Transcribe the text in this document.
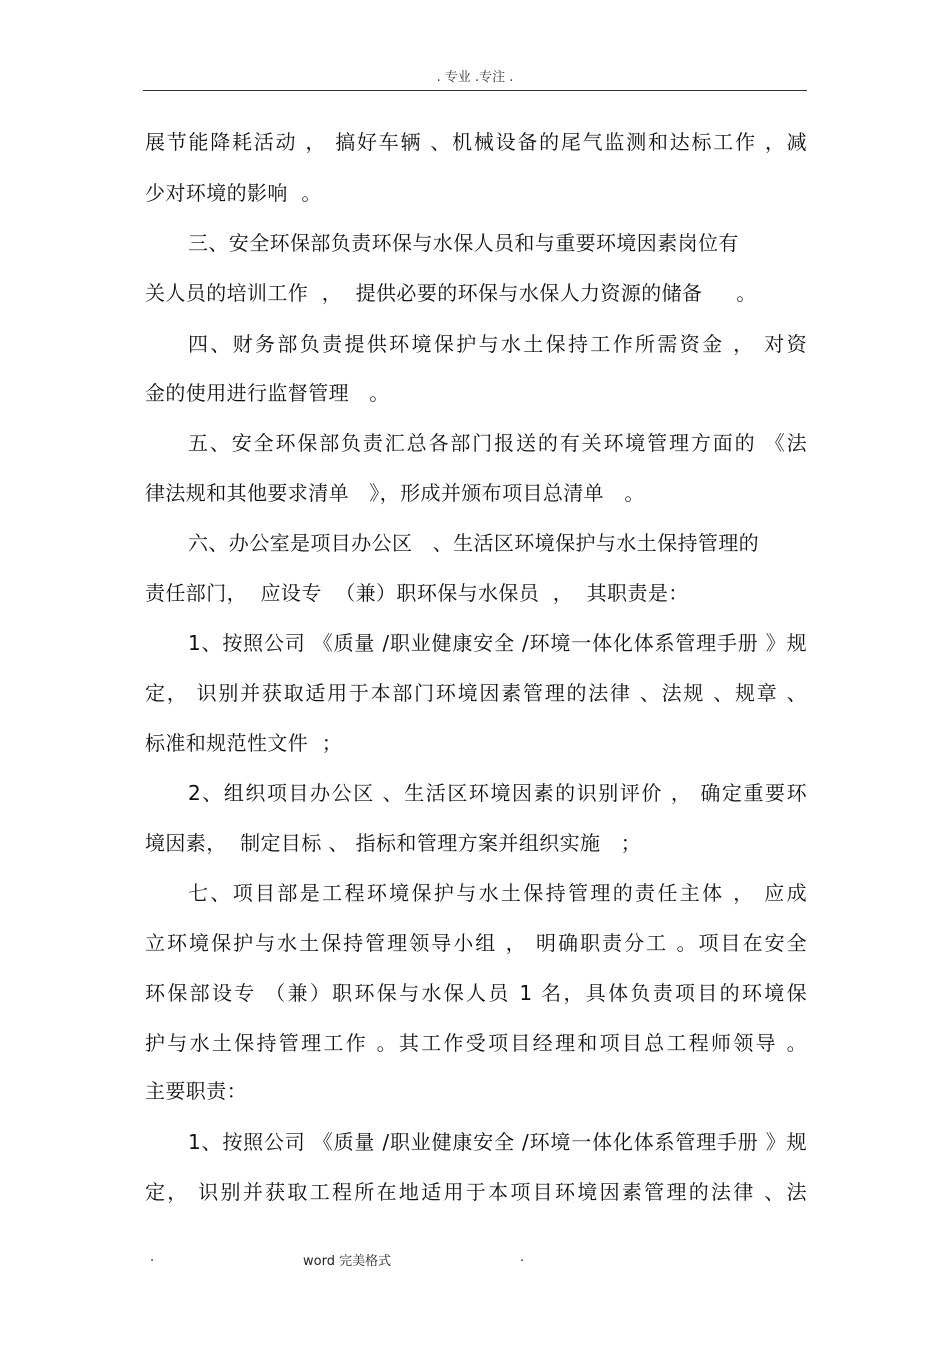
. 专业 .专注 .
展节能降耗活动 ， 搞好车辆 、机械设备的尾气监测和达标工作 ，减
少对环境的影响  。
三、安全环保部负责环保与水保人员和与重要环境因素岗位有
关人员的培训工作  ，  提供必要的环保与水保人力资源的储备     。
四、财务部负责提供环境保护与水土保持工作所需资金 ， 对资
金的使用进行监督管理   。
五、安全环保部负责汇总各部门报送的有关环境管理方面的 《法
律法规和其他要求清单   》，形成并颁布项目总清单   。
六、办公室是项目办公区   、生活区环境保护与水土保持管理的
责任部门，  应设专  （兼）职环保与水保员  ，  其职责是：
1、按照公司 《质量 /职业健康安全 /环境一体化体系管理手册 》规
定， 识别并获取适用于本部门环境因素管理的法律 、法规 、规章 、
标准和规范性文件  ；
2、组织项目办公区 、生活区环境因素的识别评价 ， 确定重要环
境因素，  制定目标 、 指标和管理方案并组织实施   ；
七、项目部是工程环境保护与水土保持管理的责任主体 ， 应成
立环境保护与水土保持管理领导小组 ， 明确职责分工 。项目在安全
环保部设专 （兼）职环保与水保人员 1 名，具体负责项目的环境保
护与水土保持管理工作 。其工作受项目经理和项目总工程师领导 。
主要职责：
1、按照公司 《质量 /职业健康安全 /环境一体化体系管理手册 》规
定， 识别并获取工程所在地适用于本项目环境因素管理的法律 、法
.	word 完美格式	.
